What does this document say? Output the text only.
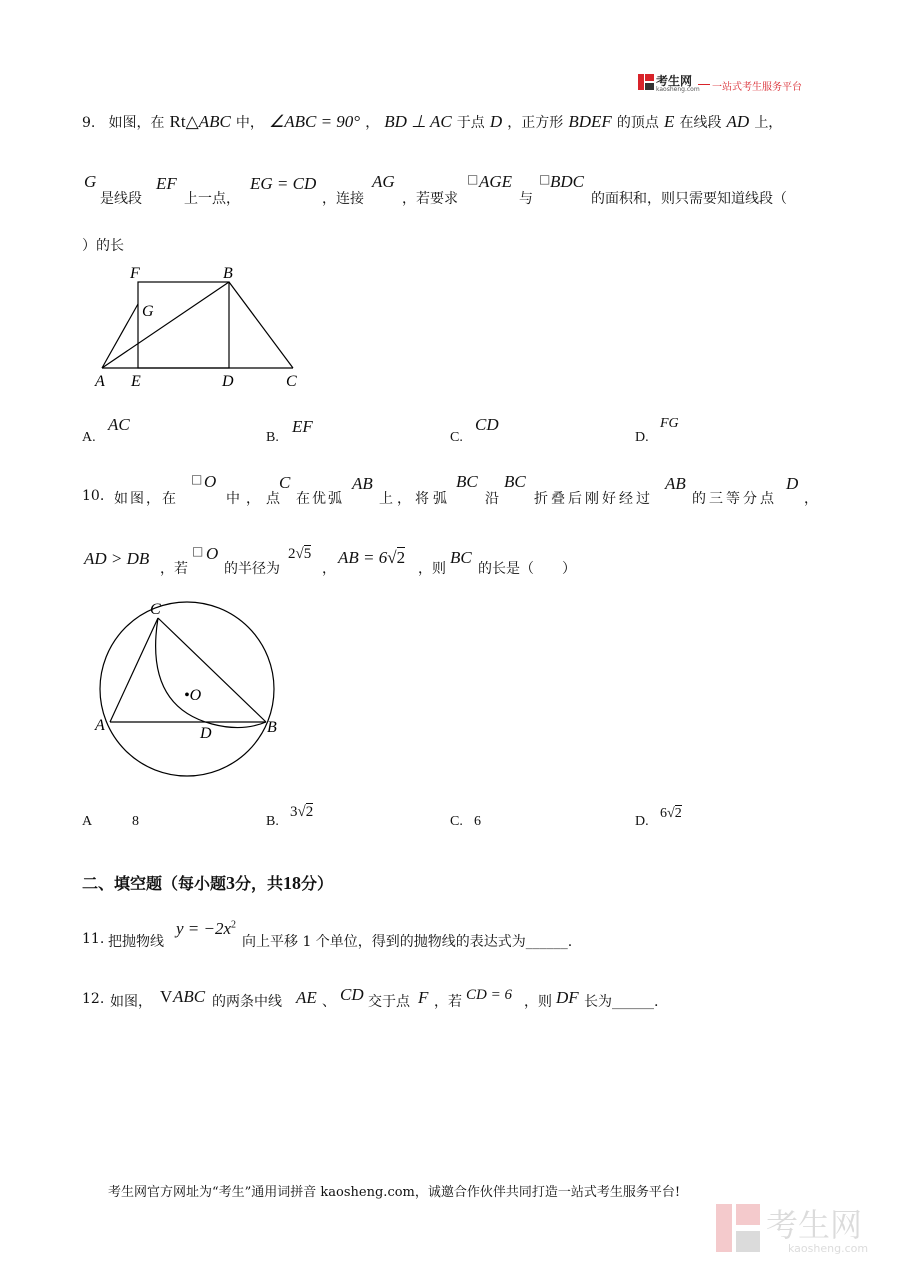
考生网
kaosheng.com 一站式考生服务平台
9. 如图，在 Rt△ABC 中， ∠ABC = 90° ， BD ⊥ AC 于点 D ，正方形 BDEF 的顶点 E 在线段 AD 上，
G
是线段
EF
上一点，
EG = CD
，连接
AG
，若要求
□ AGE
与
□ BDC
的面积和，则只需要知道线段（
）的长
F	B
G
A E	D	C
A.
AC
B.
EF
C.
CD
D.
FG
10. 如图，在
□ O
中，点
C
在优弧
AB
上，将弧
BC
沿
BC
折叠后刚好经过
AB
的三等分点
D
，
AD > DB
，若
□ O
的半径为
2√5
，
AB = 6√2
，则
BC
的长是（　　）
C
•O
A	D	B
A	8	B.
3√2
C. 6	D.
6√2
二、填空题（每小题3分，共18分）
11. 把抛物线
$y = -2x^2$
向上平移 1 个单位，得到的抛物线的表达式为______.
12. 如图， V ABC 的两条中线 AE 、 CD 交于点 F ，若 CD = 6 ，则 DF 长为______.
考生网官方网址为“考生”通用词拼音 kaosheng.com，诚邀合作伙伴共同打造一站式考生服务平台!
考生网
kaosheng.com
